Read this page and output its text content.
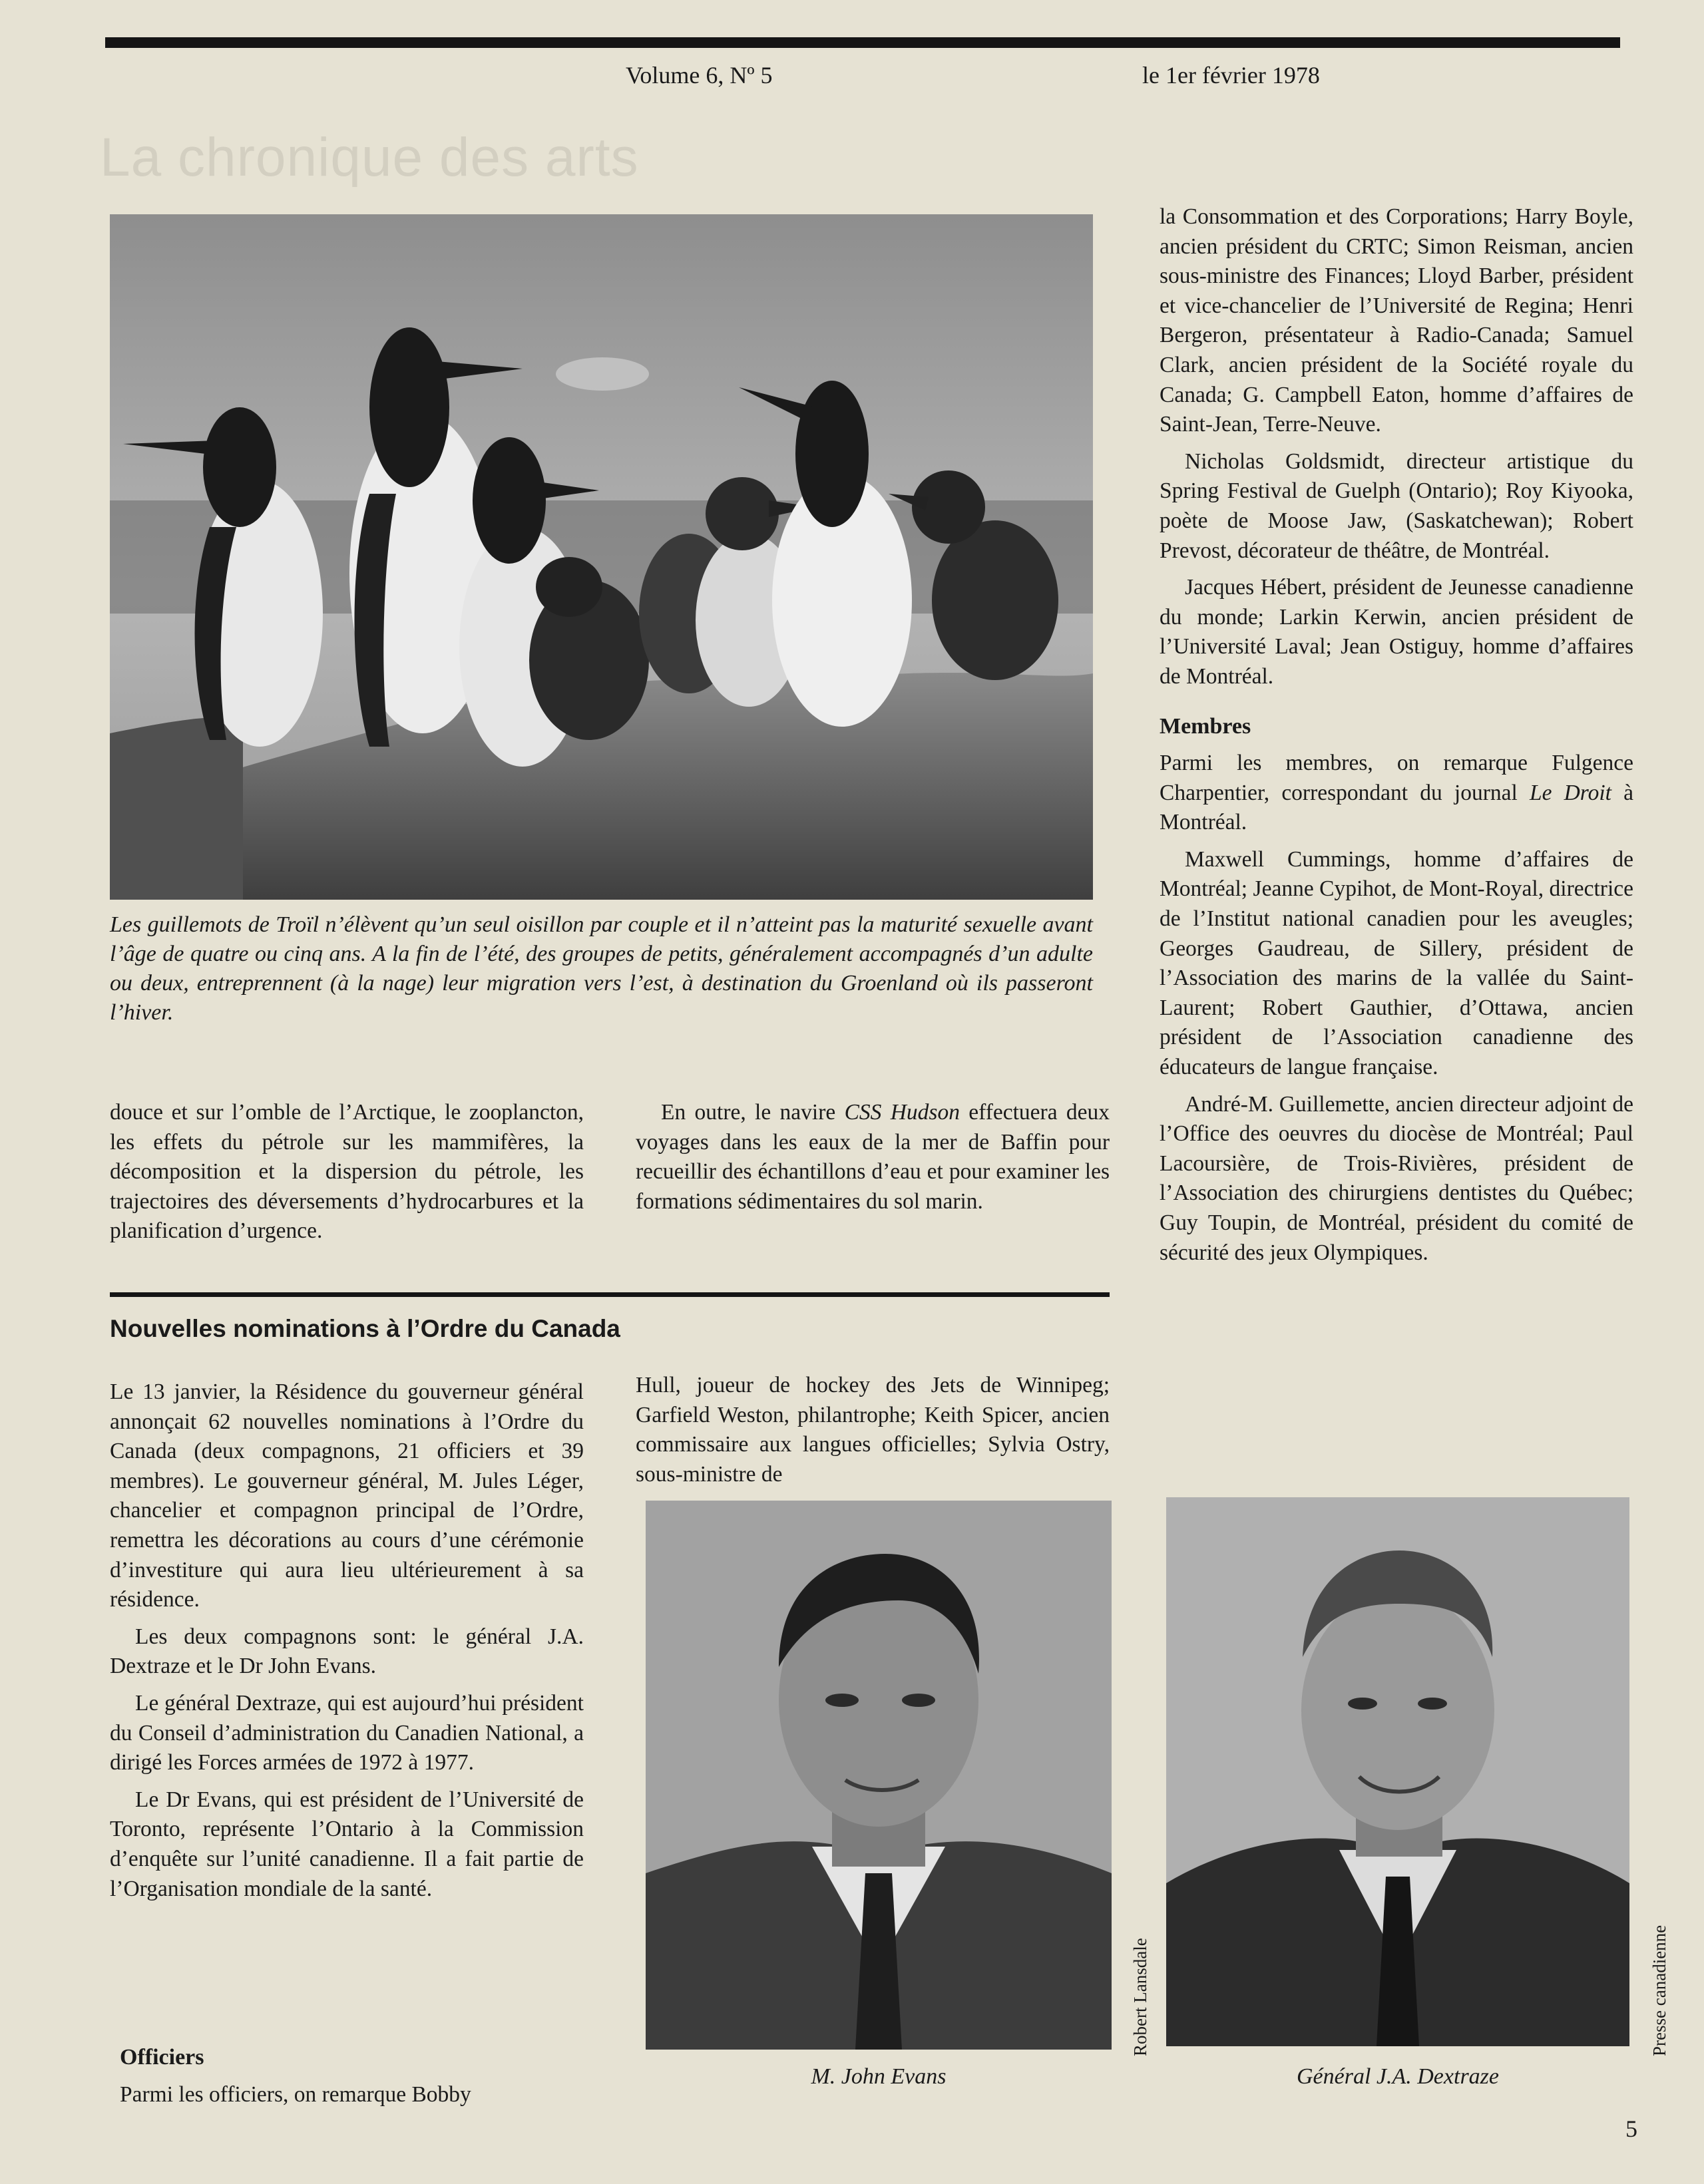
Volume 6, Nº 5	le 1er février 1978
La chronique des arts
Les guillemots de Troïl n’élèvent qu’un seul oisillon par couple et il n’atteint pas la maturité sexuelle avant l’âge de quatre ou cinq ans. A la fin de l’été, des groupes de petits, généralement accompagnés d’un adulte ou deux, entreprennent (à la nage) leur migration vers l’est, à destination du Groenland où ils passeront l’hiver.

douce et sur l’omble de l’Arctique, le zooplancton, les effets du pétrole sur les mammifères, la décomposition et la dispersion du pétrole, les trajectoires des déversements d’hydrocarbures et la planification d’urgence.

En outre, le navire CSS Hudson effectuera deux voyages dans les eaux de la mer de Baffin pour recueillir des échantillons d’eau et pour examiner les formations sédimentaires du sol marin.

Nouvelles nominations à l’Ordre du Canada

Le 13 janvier, la Résidence du gouverneur général annonçait 62 nouvelles nominations à l’Ordre du Canada (deux compagnons, 21 officiers et 39 membres). Le gouverneur général, M. Jules Léger, chancelier et compagnon principal de l’Ordre, remettra les décorations au cours d’une cérémonie d’investiture qui aura lieu ultérieurement à sa résidence.

Les deux compagnons sont: le général J.A. Dextraze et le Dr John Evans.

Le général Dextraze, qui est aujourd’hui président du Conseil d’administration du Canadien National, a dirigé les Forces armées de 1972 à 1977.

Le Dr Evans, qui est président de l’Université de Toronto, représente l’Ontario à la Commission d’enquête sur l’unité canadienne. Il a fait partie de l’Organisation mondiale de la santé.

Officiers

Parmi les officiers, on remarque Bobby

Hull, joueur de hockey des Jets de Winnipeg; Garfield Weston, philantrophe; Keith Spicer, ancien commissaire aux langues officielles; Sylvia Ostry, sous-ministre de

M. John Evans
Robert Lansdale

la Consommation et des Corporations; Harry Boyle, ancien président du CRTC; Simon Reisman, ancien sous-ministre des Finances; Lloyd Barber, président et vice-chancelier de l’Université de Regina; Henri Bergeron, présentateur à Radio-Canada; Samuel Clark, ancien président de la Société royale du Canada; G. Campbell Eaton, homme d’affaires de Saint-Jean, Terre-Neuve.

Nicholas Goldsmidt, directeur artistique du Spring Festival de Guelph (Ontario); Roy Kiyooka, poète de Moose Jaw, (Saskatchewan); Robert Prevost, décorateur de théâtre, de Montréal.

Jacques Hébert, président de Jeunesse canadienne du monde; Larkin Kerwin, ancien président de l’Université Laval; Jean Ostiguy, homme d’affaires de Montréal.

Membres

Parmi les membres, on remarque Fulgence Charpentier, correspondant du journal Le Droit à Montréal.

Maxwell Cummings, homme d’affaires de Montréal; Jeanne Cypihot, de Mont-Royal, directrice de l’Institut national canadien pour les aveugles; Georges Gaudreau, de Sillery, président de l’Association des marins de la vallée du Saint-Laurent; Robert Gauthier, d’Ottawa, ancien président de l’Association canadienne des éducateurs de langue française.

André-M. Guillemette, ancien directeur adjoint de l’Office des oeuvres du diocèse de Montréal; Paul Lacoursière, de Trois-Rivières, président de l’Association des chirurgiens dentistes du Québec; Guy Toupin, de Montréal, président du comité de sécurité des jeux Olympiques.

Général J.A. Dextraze
Presse canadienne
5
